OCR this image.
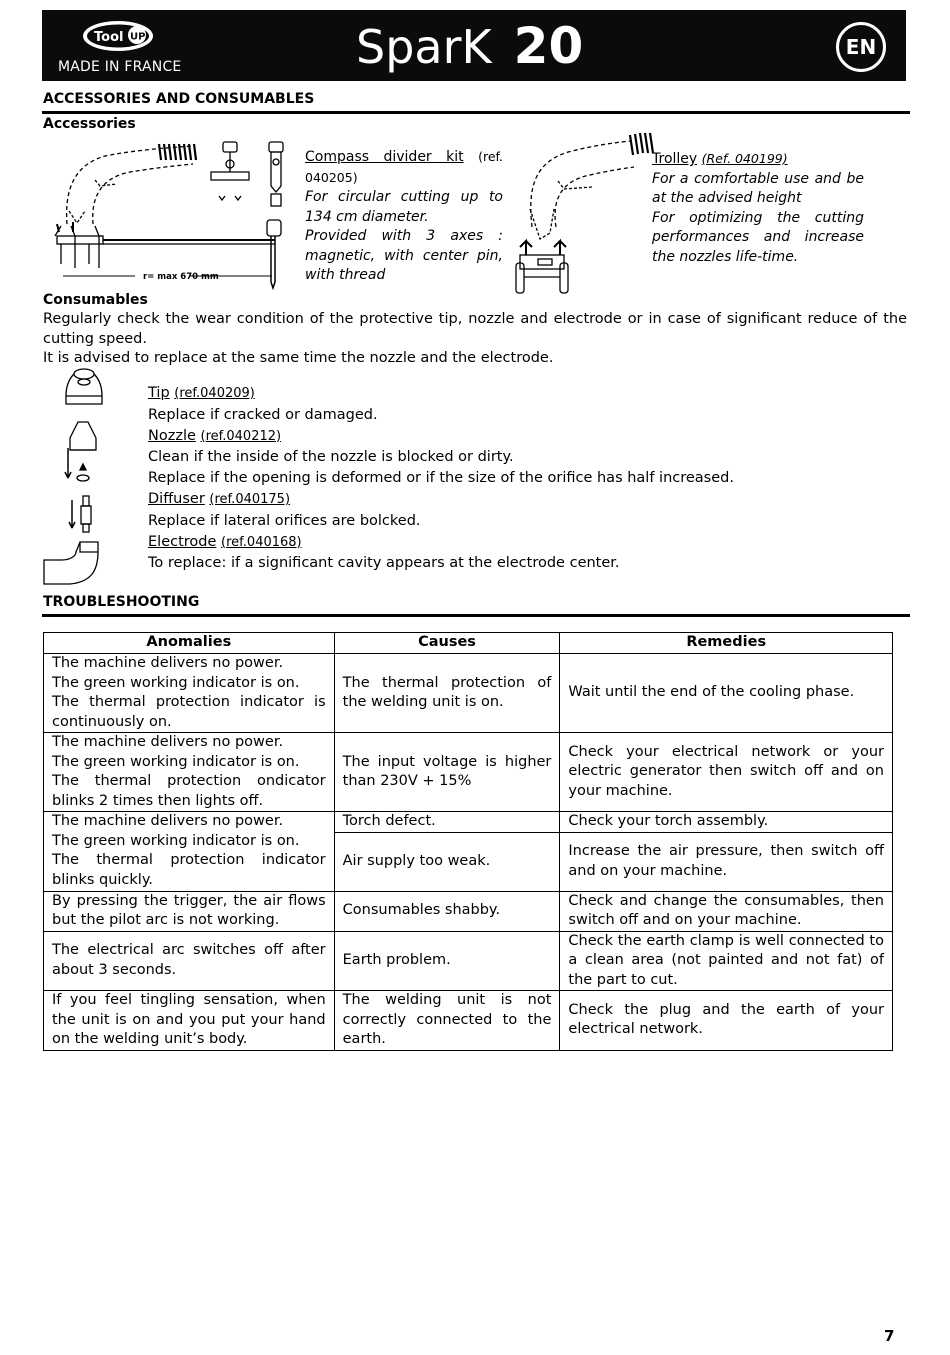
Tool UP
MADE IN FRANCE	SparK 20	EN
ACCESSORIES AND CONSUMABLES
Accessories
r= max 670 mm
Compass divider kit (ref. 040205)
For circular cutting up to 134 cm diameter.
Provided with 3 axes : magnetic, with center pin, with thread
Trolley (Ref. 040199)
For a comfortable use and be at the advised height
For optimizing the cutting performances and increase the nozzles life-time.
Consumables
Regularly check the wear condition of the protective tip, nozzle and electrode or in case of significant reduce of the cutting speed.
It is advised to replace at the same time the nozzle and the electrode.
Tip (ref.040209)
Replace if cracked or damaged.
Nozzle (ref.040212)
Clean if the inside of the nozzle is blocked or dirty.
Replace if the opening is deformed or if the size of the orifice has half increased.
Diffuser (ref.040175)
Replace if lateral orifices are bolcked.
Electrode (ref.040168)
To replace: if a significant cavity appears at the electrode center.
TROUBLESHOOTING
Anomalies	Causes	Remedies
The machine delivers no power.
The green working indicator is on.
The thermal protection indicator is continuously on.	The thermal protection of the welding unit is on.	Wait until the end of the cooling phase.
The machine delivers no power.
The green working indicator is on.
The thermal protection ondicator blinks 2 times then lights off.	The input voltage is higher than 230V + 15%	Check your electrical network or your electric generator then switch off and on your machine.
The machine delivers no power.
The green working indicator is on.
The thermal protection indicator blinks quickly.	Torch defect.	Check your torch assembly.
	Air supply too weak.	Increase the air pressure, then switch off and on your machine.
By pressing the trigger, the air flows but the pilot arc is not working.	Consumables shabby.	Check and change the consumables, then switch off and on your machine.
The electrical arc switches off after about 3 seconds.	Earth problem.	Check the earth clamp is well connected to a clean area (not painted and not fat) of the part to cut.
If you feel tingling sensation, when the unit is on and you put your hand on the welding unit’s body.	The welding unit is not correctly connected to the earth.	Check the plug and the earth of your electrical network.
7
